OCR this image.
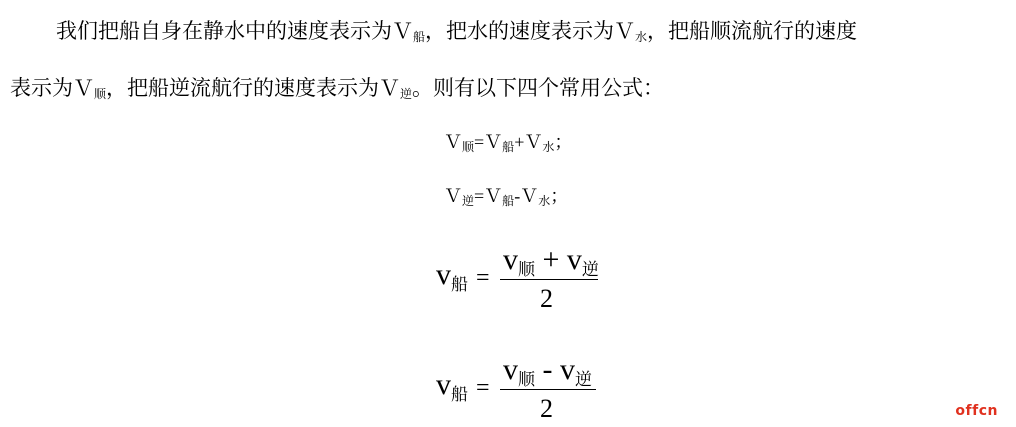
我们把船自身在静水中的速度表示为Ｖ$_船$，把水的速度表示为Ｖ$_水$，把船顺流航行的速度
表示为Ｖ$_顺$，把船逆流航行的速度表示为Ｖ$_逆$。则有以下四个常用公式：
Ｖ$_顺$=Ｖ$_船$+Ｖ$_水$；
Ｖ$_逆$=Ｖ$_船$-Ｖ$_水$；
$v_船$ =
$v_顺 + v_逆$
2
$v_船$ =
$v_顺 - v_逆$
2	offcn
